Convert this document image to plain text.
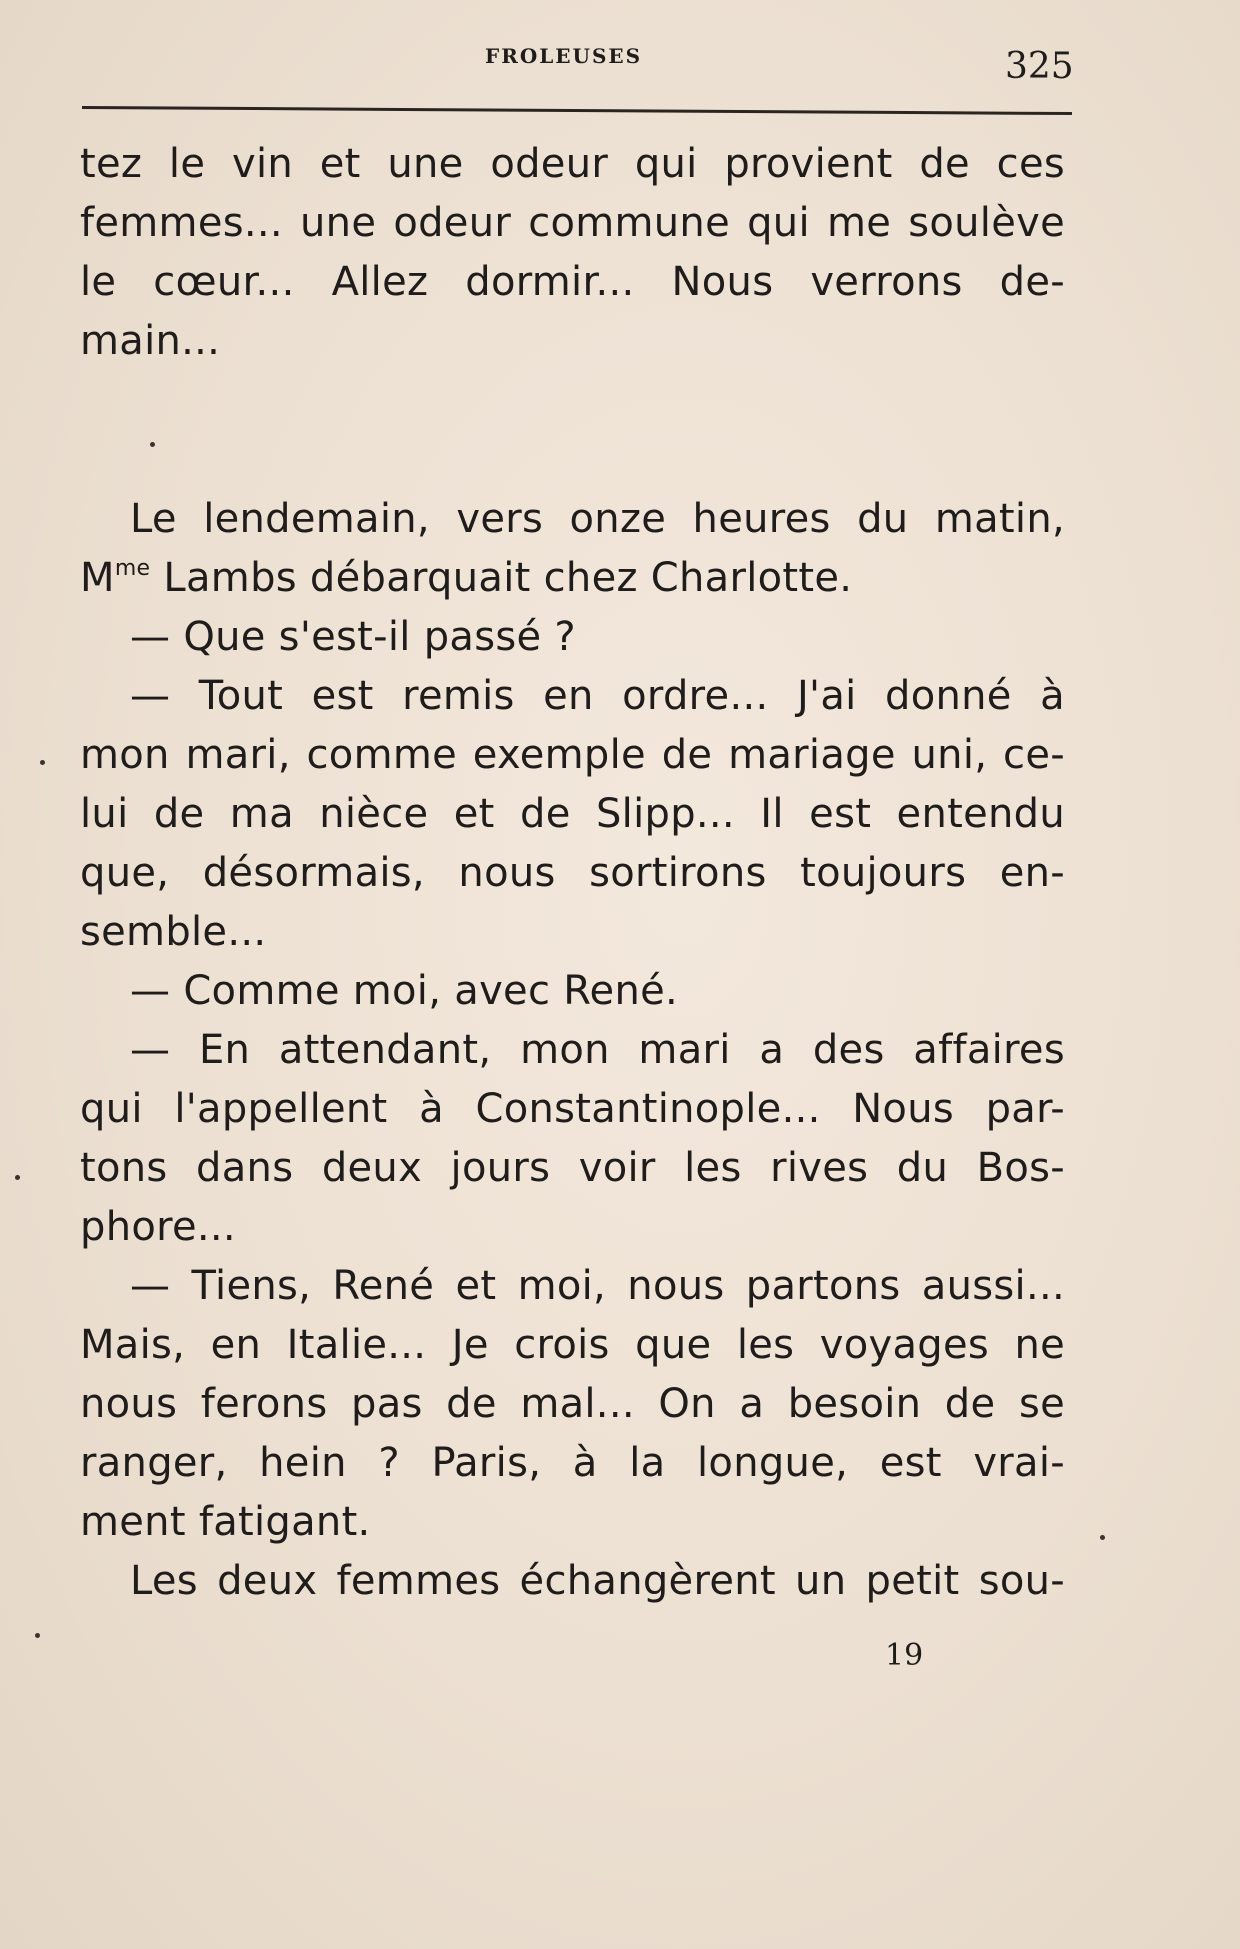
FROLEUSES	325
tez le vin et une odeur qui provient de ces
femmes... une odeur commune qui me soulève
le cœur... Allez dormir... Nous verrons de-
main...
Le lendemain, vers onze heures du matin,
$M^{me}$ Lambs débarquait chez Charlotte.
— Que s'est-il passé ?
— Tout est remis en ordre... J'ai donné à
mon mari, comme exemple de mariage uni, ce-
lui de ma nièce et de Slipp... Il est entendu
que, désormais, nous sortirons toujours en-
semble...
— Comme moi, avec René.
— En attendant, mon mari a des affaires
qui l'appellent à Constantinople... Nous par-
tons dans deux jours voir les rives du Bos-
phore...
— Tiens, René et moi, nous partons aussi...
Mais, en Italie... Je crois que les voyages ne
nous ferons pas de mal... On a besoin de se
ranger, hein ? Paris, à la longue, est vrai-
ment fatigant.
Les deux femmes échangèrent un petit sou-
19
